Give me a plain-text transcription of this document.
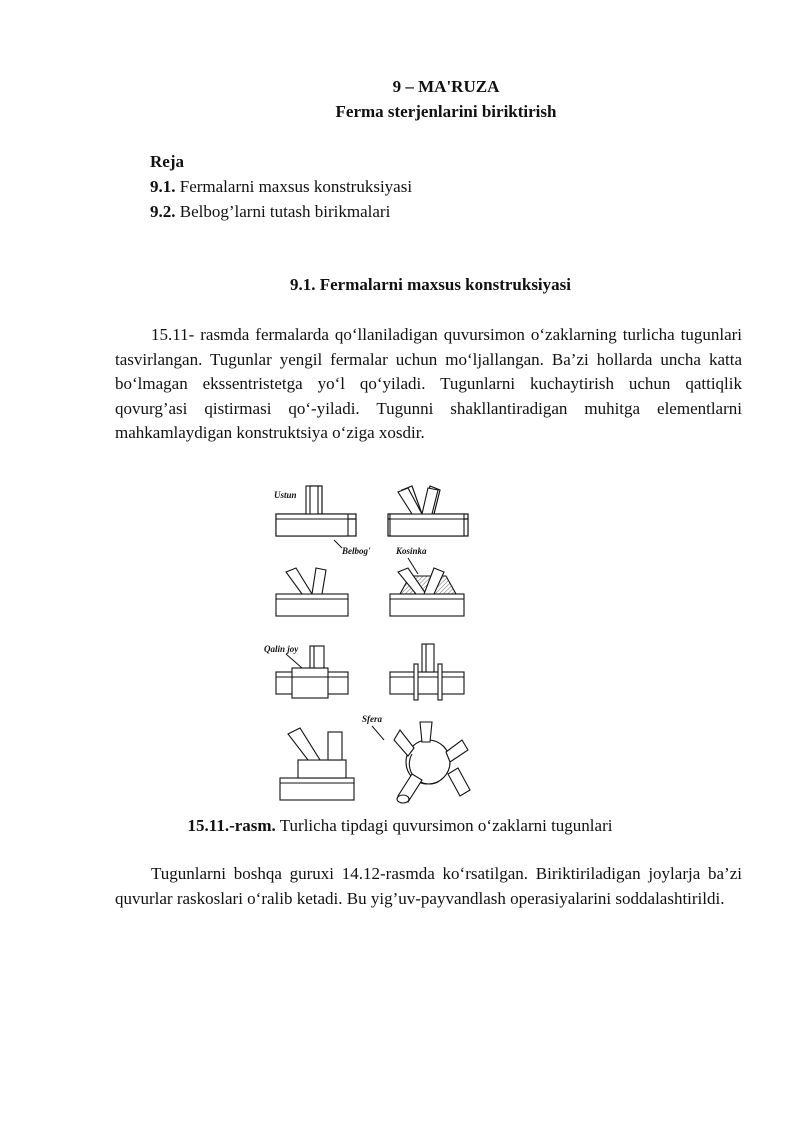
9 – MA'RUZA
Ferma sterjenlarini biriktirish
Reja
9.1. Fermalarni maxsus konstruksiyasi
9.2. Belbog’larni tutash birikmalari
9.1. Fermalarni maxsus konstruksiyasi

15.11- rasmda fermalarda qo‘llaniladigan quvursimon o‘zaklarning turlicha tugunlari tasvirlangan. Tugunlar yengil fermalar uchun mo‘ljallangan. Ba’zi hollarda uncha katta bo‘lmagan ekssentristetga yo‘l qo‘yiladi. Tugunlarni kuchaytirish uchun qattiqlik qovurg’asi qistirmasi qo‘-yiladi. Tugunni shakllantiradigan muhitga elementlarni mahkamlaydigan konstruktsiya o‘ziga xosdir.

Ustun
Belbog'	Kosinka
Qalin joy
Sfera
15.11.-rasm. Turlicha tipdagi quvursimon o‘zaklarni tugunlari

Tugunlarni boshqa guruxi 14.12-rasmda ko‘rsatilgan. Biriktiriladigan joylarja ba’zi quvurlar raskoslari o‘ralib ketadi. Bu yig’uv-payvandlash operasiyalarini soddalashtirildi.
